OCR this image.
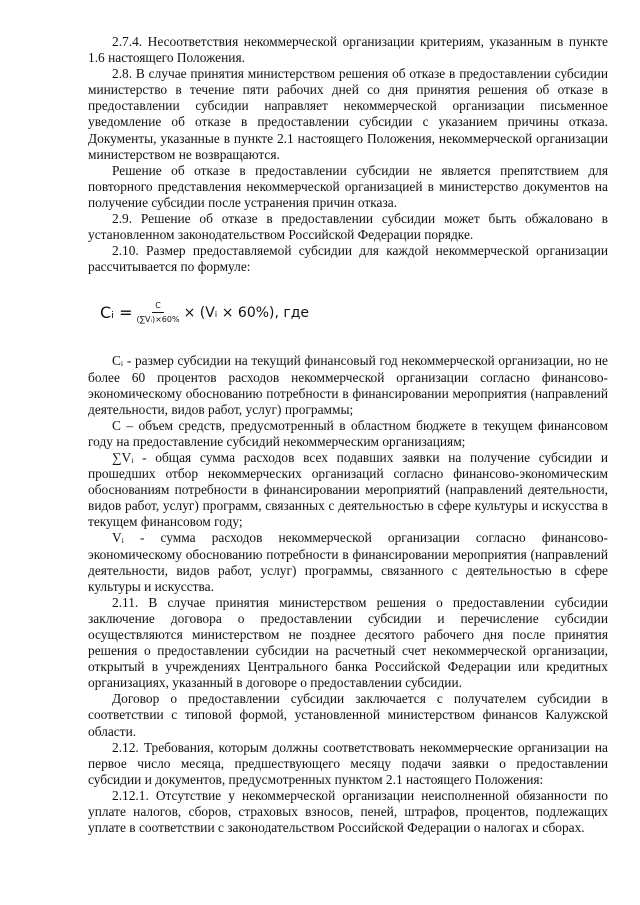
2.7.4. Несоответствия некоммерческой организации критериям, указанным в пункте 1.6 настоящего Положения.

2.8. В случае принятия министерством решения об отказе в предоставлении субсидии министерство в течение пяти рабочих дней со дня принятия решения об отказе в предоставлении субсидии направляет некоммерческой организации письменное уведомление об отказе в предоставлении субсидии с указанием причины отказа. Документы, указанные в пункте 2.1 настоящего Положения, некоммерческой организации министерством не возвращаются.

Решение об отказе в предоставлении субсидии не является препятствием для повторного представления некоммерческой организацией в министерство документов на получение субсидии после устранения причин отказа.

2.9. Решение об отказе в предоставлении субсидии может быть обжаловано в установленном законодательством Российской Федерации порядке.

2.10. Размер предоставляемой субсидии для каждой некоммерческой организации рассчитывается по формуле:

Cᵢ = $\frac{C}{\text{(∑Vᵢ)×60\%}}$ × (Vᵢ × 60%), где

Cᵢ - размер субсидии на текущий финансовый год некоммерческой организации, но не более 60 процентов расходов некоммерческой организации согласно финансово-экономическому обоснованию потребности в финансировании мероприятия (направлений деятельности, видов работ, услуг) программы;

C – объем средств, предусмотренный в областном бюджете в текущем финансовом году на предоставление субсидий некоммерческим организациям;

∑Vᵢ - общая сумма расходов всех подавших заявки на получение субсидии и прошедших отбор некоммерческих организаций согласно финансово-экономическим обоснованиям потребности в финансировании мероприятий (направлений деятельности, видов работ, услуг) программ, связанных с деятельностью в сфере культуры и искусства в текущем финансовом году;

Vᵢ - сумма расходов некоммерческой организации согласно финансово-экономическому обоснованию потребности в финансировании мероприятия (направлений деятельности, видов работ, услуг) программы, связанного с деятельностью в сфере культуры и искусства.

2.11. В случае принятия министерством решения о предоставлении субсидии заключение договора о предоставлении субсидии и перечисление субсидии осуществляются министерством не позднее десятого рабочего дня после принятия решения о предоставлении субсидии на расчетный счет некоммерческой организации, открытый в учреждениях Центрального банка Российской Федерации или кредитных организациях, указанный в договоре о предоставлении субсидии.

Договор о предоставлении субсидии заключается с получателем субсидии в соответствии с типовой формой, установленной министерством финансов Калужской области.

2.12. Требования, которым должны соответствовать некоммерческие организации на первое число месяца, предшествующего месяцу подачи заявки о предоставлении субсидии и документов, предусмотренных пунктом 2.1 настоящего Положения:

2.12.1. Отсутствие у некоммерческой организации неисполненной обязанности по уплате налогов, сборов, страховых взносов, пеней, штрафов, процентов, подлежащих уплате в соответствии с законодательством Российской Федерации о налогах и сборах.
